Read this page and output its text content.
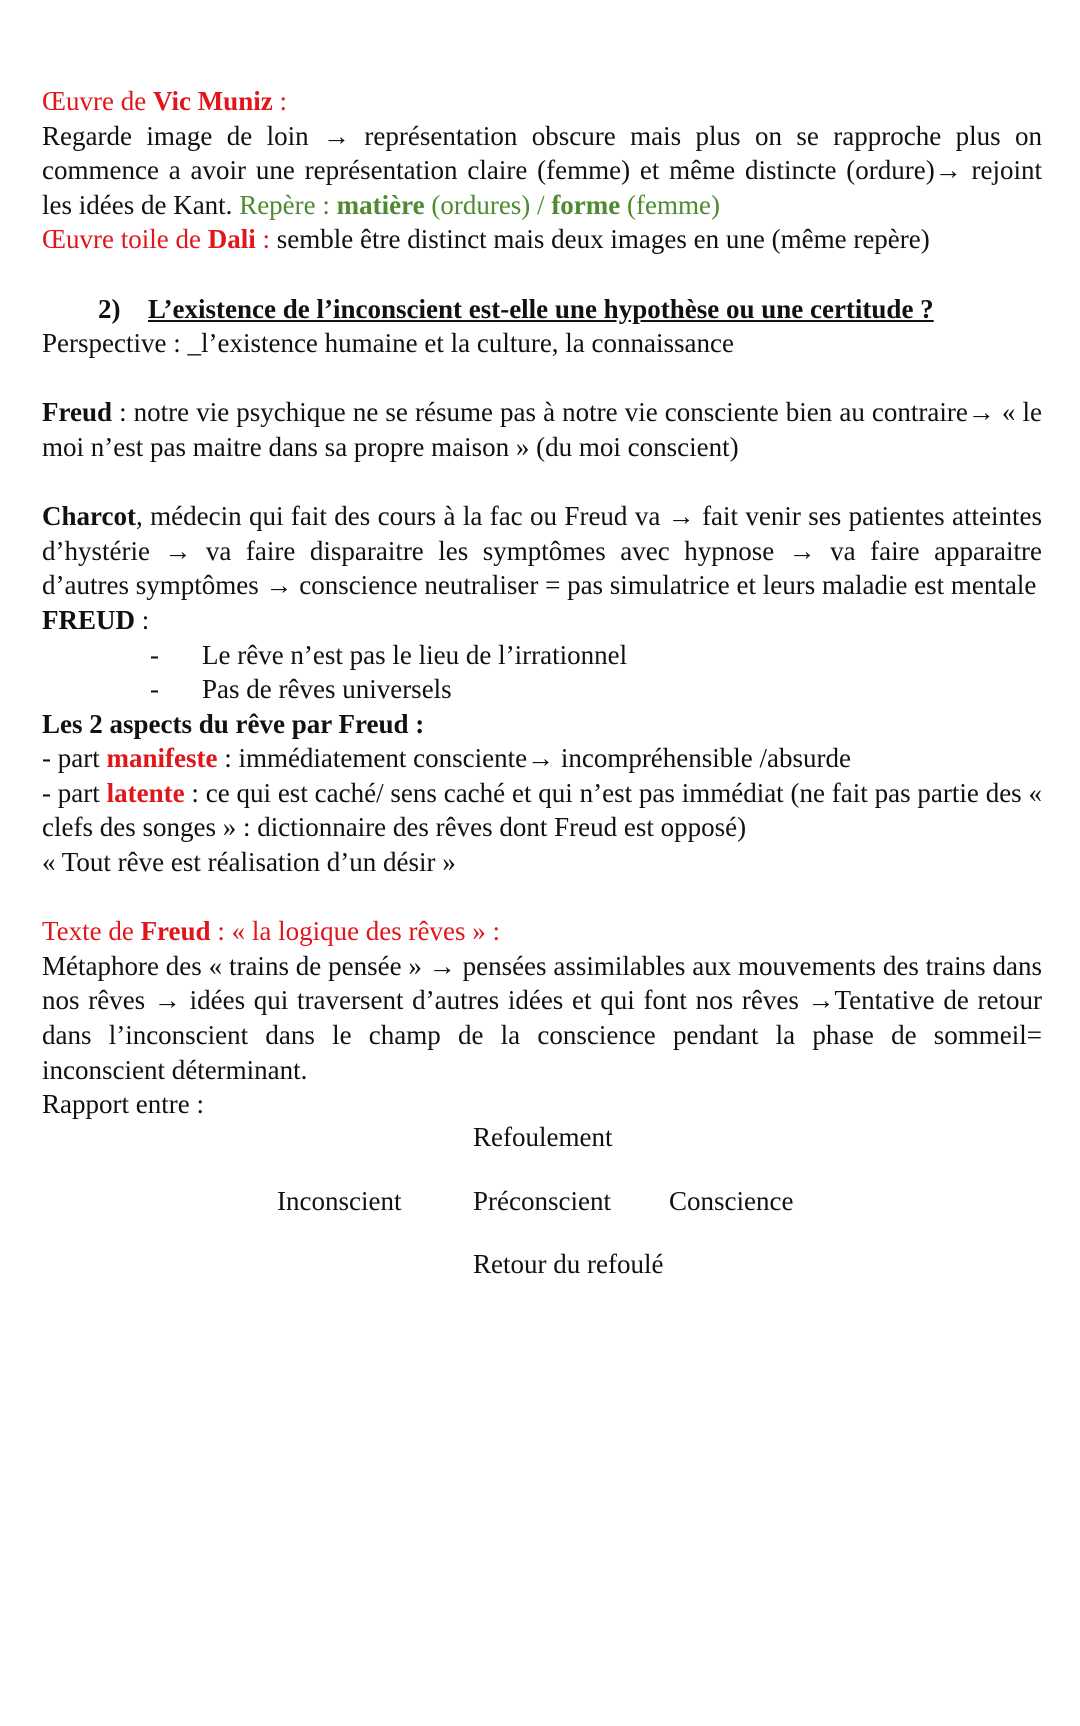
Œuvre de Vic Muniz :

Regarde image de loin → représentation obscure mais plus on se rapproche plus on commence a avoir une représentation claire (femme) et même distincte (ordure)→ rejoint les idées de Kant. Repère : matière (ordures) / forme (femme)

Œuvre toile de Dali : semble être distinct mais deux images en une (même repère)

2) L’existence de l’inconscient est-elle une hypothèse ou une certitude ?

Perspective : _l’existence humaine et la culture, la connaissance

Freud : notre vie psychique ne se résume pas à notre vie consciente bien au contraire→ « le moi n’est pas maitre dans sa propre maison » (du moi conscient)

Charcot, médecin qui fait des cours à la fac ou Freud va → fait venir ses patientes atteintes d’hystérie → va faire disparaitre les symptômes avec hypnose → va faire apparaitre d’autres symptômes → conscience neutraliser = pas simulatrice et leurs maladie est mentale

FREUD :

- Le rêve n’est pas le lieu de l’irrationnel
- Pas de rêves universels

Les 2 aspects du rêve par Freud :

- part manifeste : immédiatement consciente→ incompréhensible /absurde

- part latente : ce qui est caché/ sens caché et qui n’est pas immédiat (ne fait pas partie des « clefs des songes » : dictionnaire des rêves dont Freud est opposé)

« Tout rêve est réalisation d’un désir »

Texte de Freud : « la logique des rêves » :

Métaphore des « trains de pensée » → pensées assimilables aux mouvements des trains dans nos rêves → idées qui traversent d’autres idées et qui font nos rêves →Tentative de retour dans l’inconscient dans le champ de la conscience pendant la phase de sommeil= inconscient déterminant.

Rapport entre :

Refoulement
Inconscient	Préconscient Conscience
Retour du refoulé
